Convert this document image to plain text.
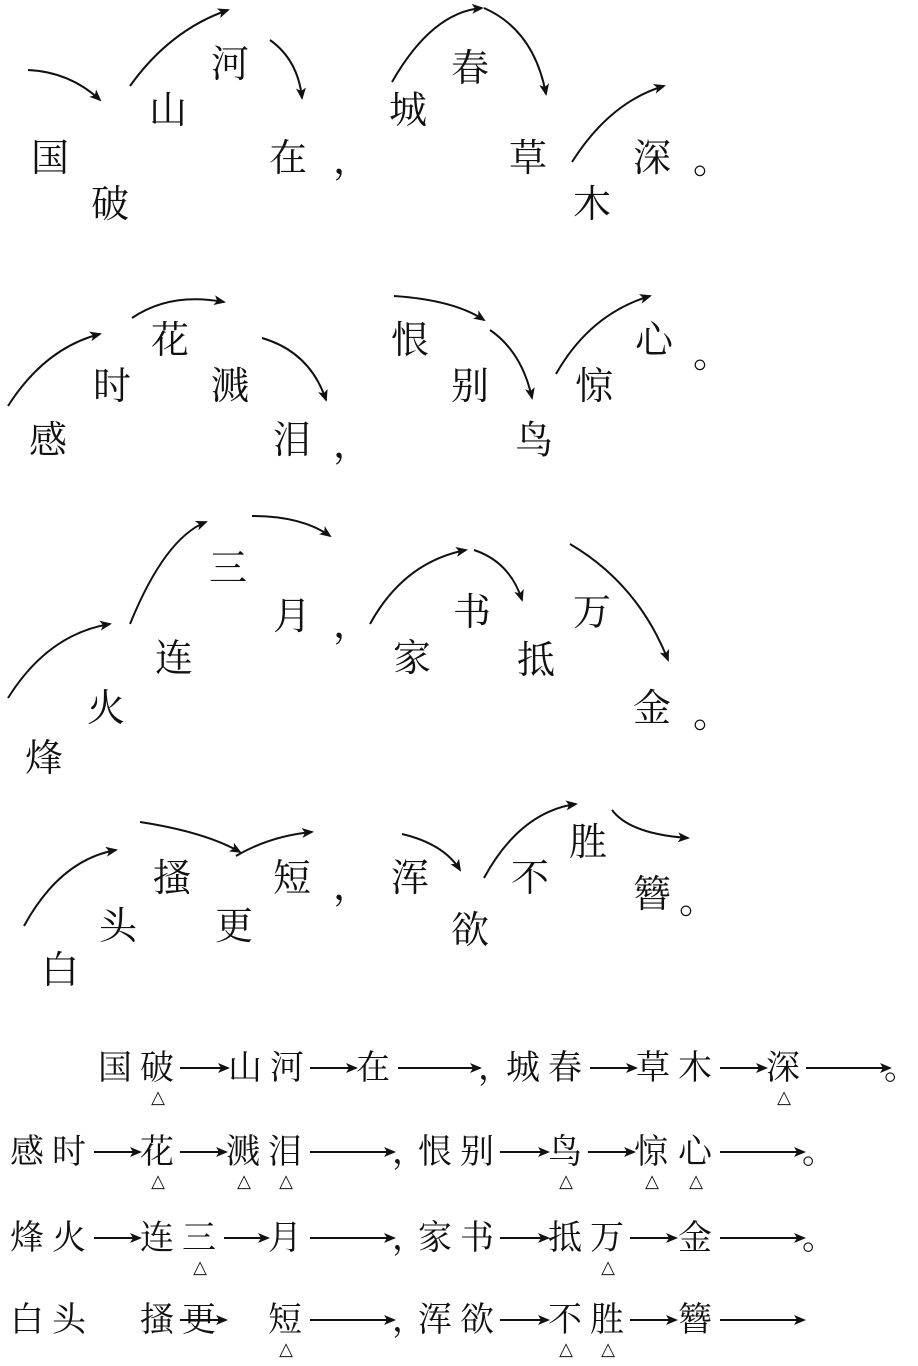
国
破
山
河
在 ，
城
春
草
木
深 。
感
时
花
溅
泪 ，
恨
别
鸟
惊
心 。
烽
火
连
三
月 ，
家
书
抵
万
金 。
白
头
搔
更
短 ， 浑
欲
不
胜
簪 。
国 破 山 河 在	，
城 春 草 木 深 。
△	△
感 时 花 溅 泪	，
恨 别 鸟 惊 心	。
△	△ △	△	△ △
烽 火 连 三 月	，
家 书 抵 万 金	。
△	△
白 头 搔 更 短	，
浑 欲 不 胜 簪
△	△ △
